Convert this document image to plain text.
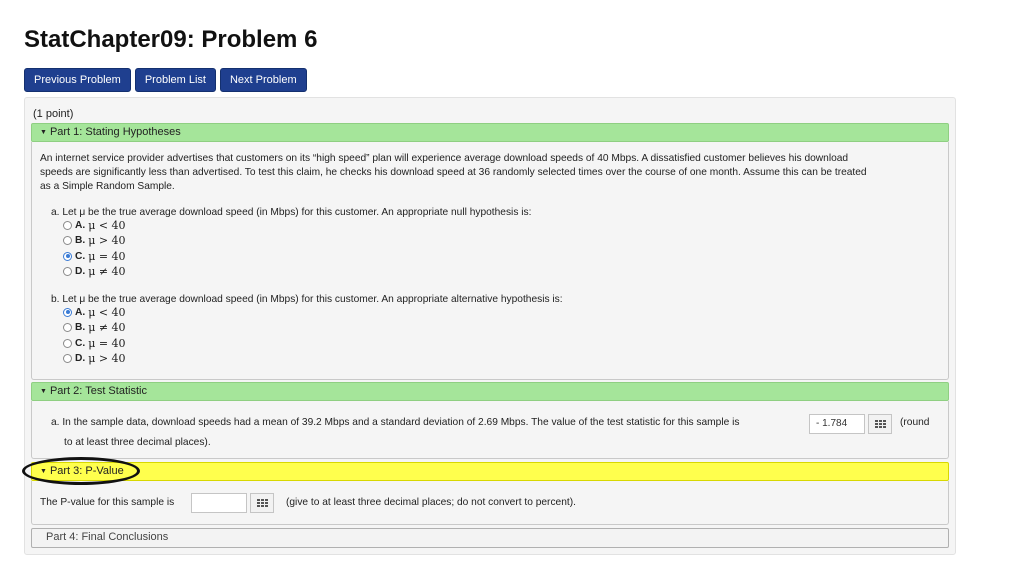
StatChapter09: Problem 6
Previous Problem	Problem List	Next Problem
(1 point)
▼ Part 1: Stating Hypotheses
An internet service provider advertises that customers on its “high speed” plan will experience average download speeds of 40 Mbps. A dissatisfied customer believes his download
speeds are significantly less than advertised. To test this claim, he checks his download speed at 36 randomly selected times over the course of one month. Assume this can be treated
as a Simple Random Sample.
a. Let μ be the true average download speed (in Mbps) for this customer. An appropriate null hypothesis is:
A. μ < 40
B. μ > 40
C. μ = 40
D. μ ≠ 40
b. Let μ be the true average download speed (in Mbps) for this customer. An appropriate alternative hypothesis is:
A. μ < 40
B. μ ≠ 40
C. μ = 40
D. μ > 40
▼ Part 2: Test Statistic
a. In the sample data, download speeds had a mean of 39.2 Mbps and a standard deviation of 2.69 Mbps. The value of the test statistic for this sample is	- 1.784	(round
to at least three decimal places).
▼ Part 3: P-Value
The P-value for this sample is	(give to at least three decimal places; do not convert to percent).
Part 4: Final Conclusions
